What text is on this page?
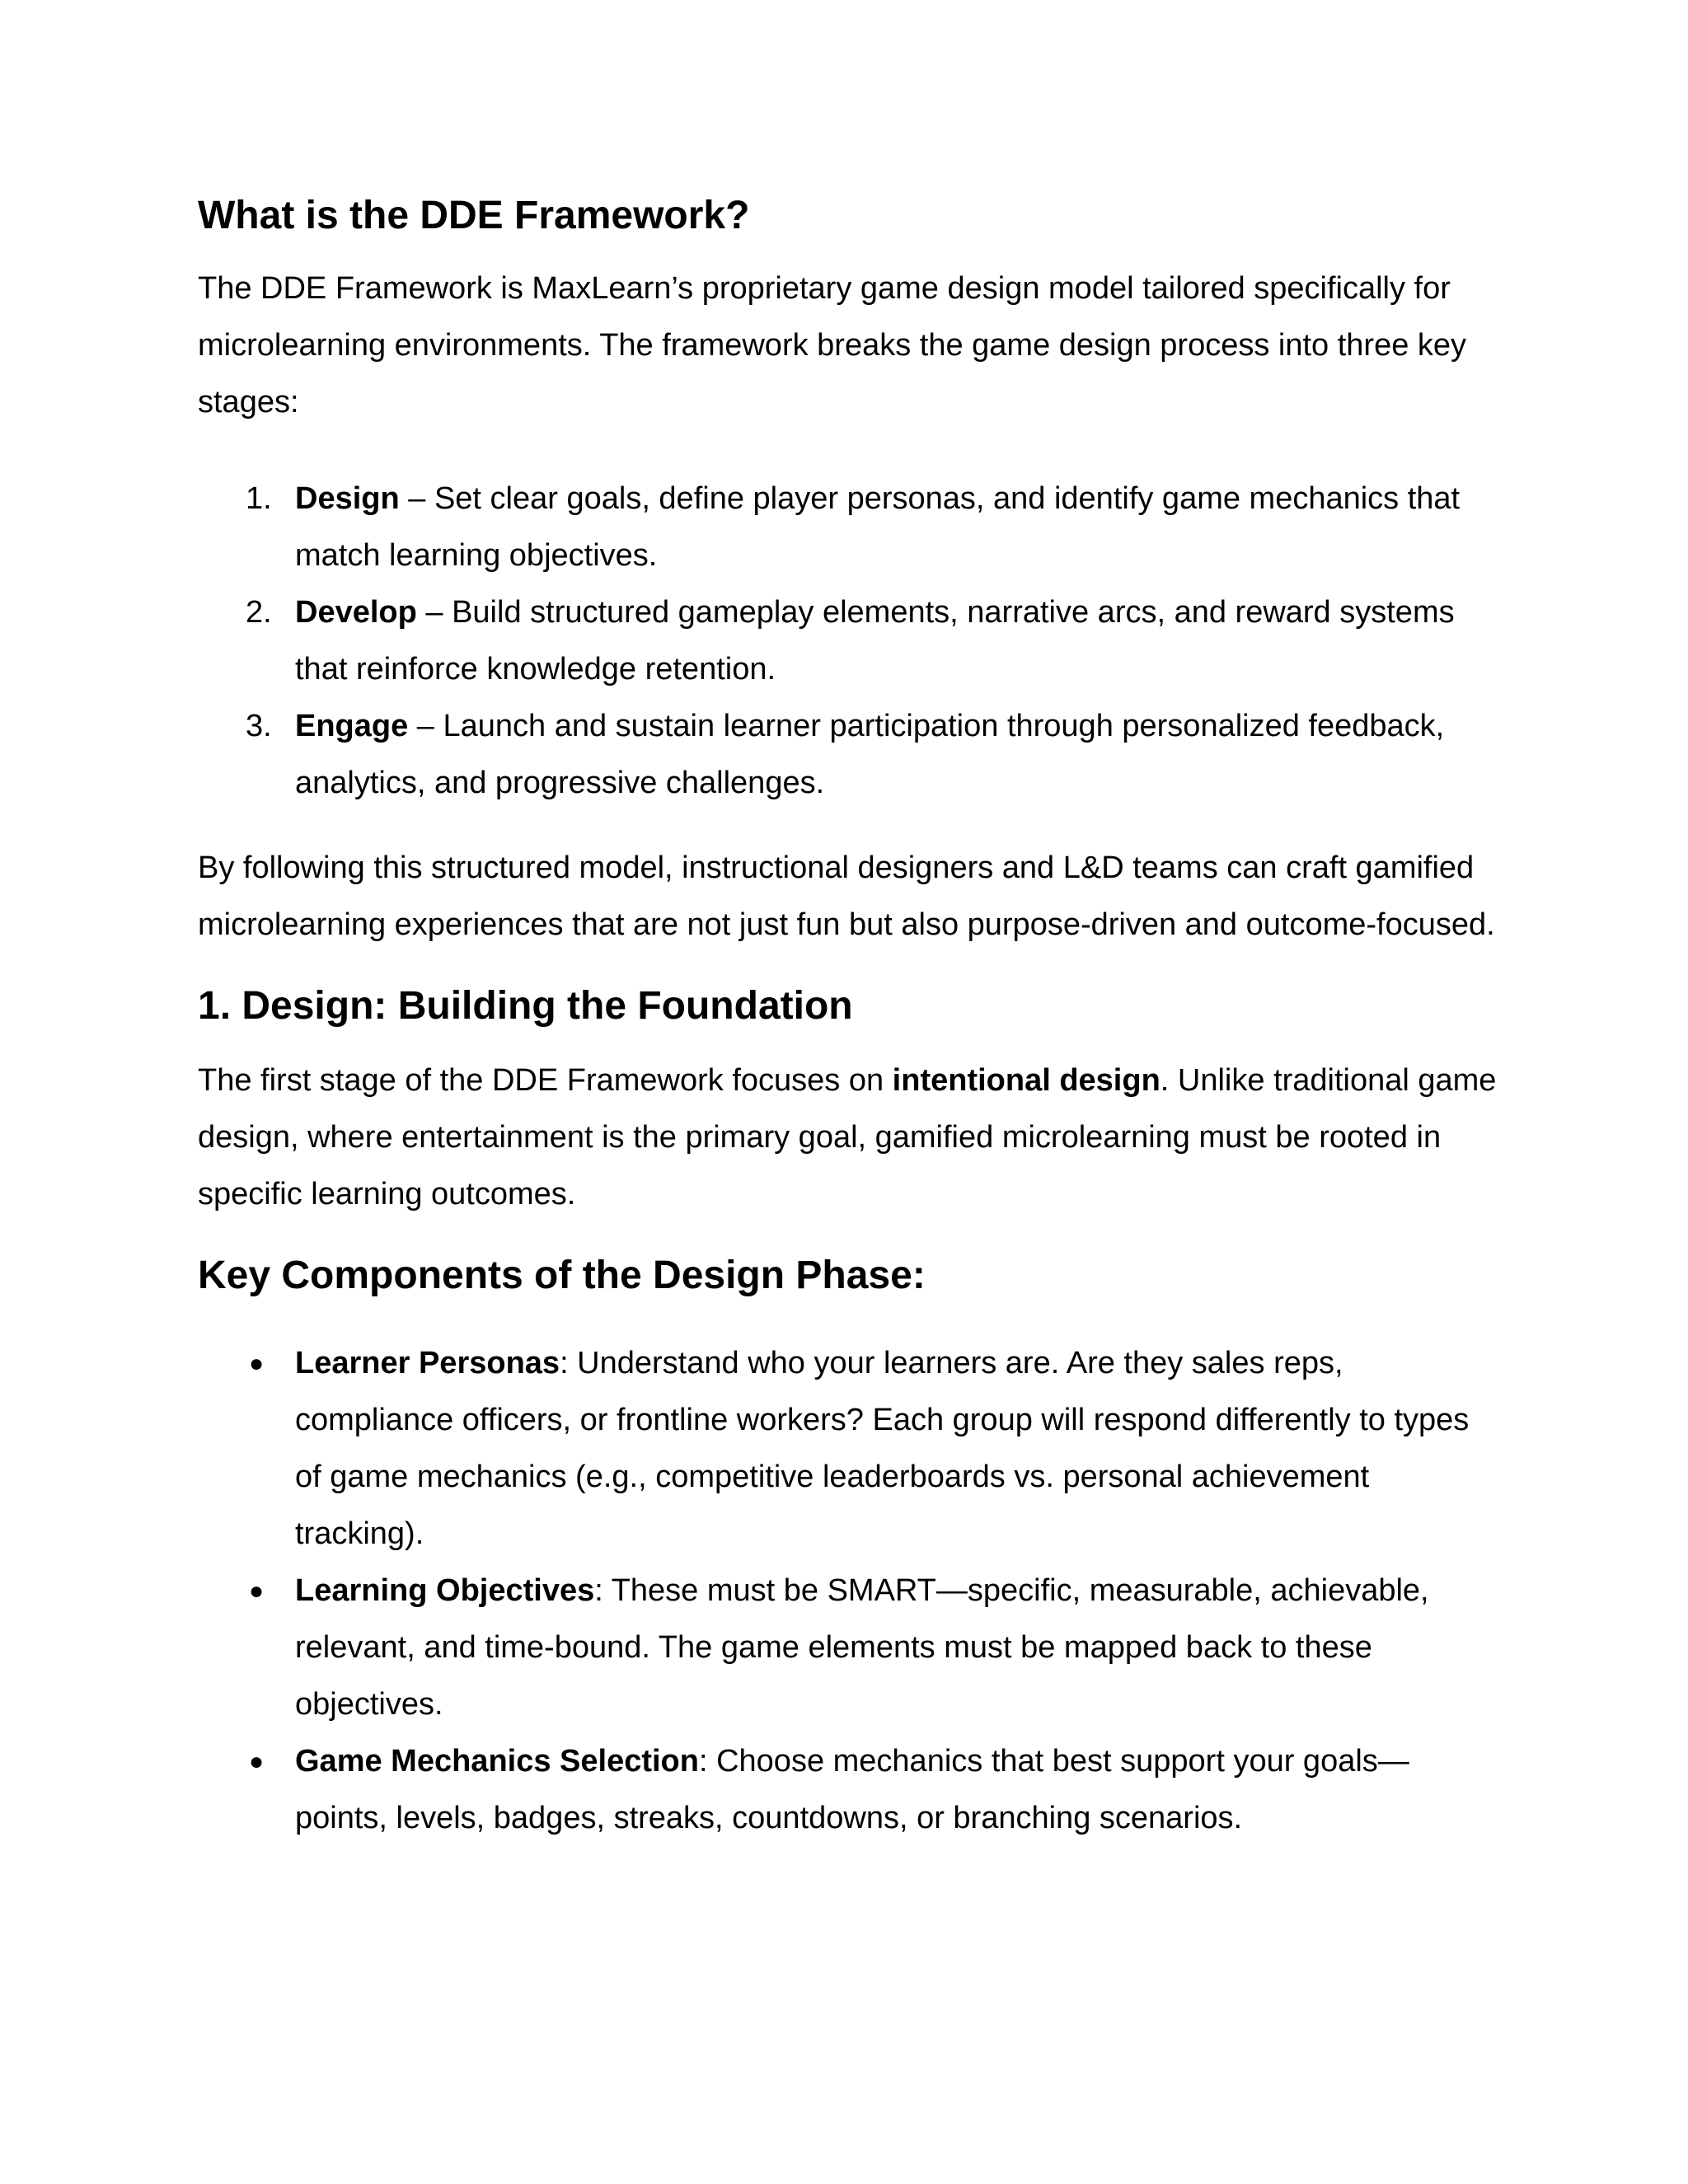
What is the DDE Framework?

The DDE Framework is MaxLearn’s proprietary game design model tailored specifically for microlearning environments. The framework breaks the game design process into three key stages:

1. Design – Set clear goals, define player personas, and identify game mechanics that match learning objectives.
2. Develop – Build structured gameplay elements, narrative arcs, and reward systems that reinforce knowledge retention.
3. Engage – Launch and sustain learner participation through personalized feedback, analytics, and progressive challenges.

By following this structured model, instructional designers and L&D teams can craft gamified microlearning experiences that are not just fun but also purpose-driven and outcome-focused.

1. Design: Building the Foundation

The first stage of the DDE Framework focuses on intentional design. Unlike traditional game design, where entertainment is the primary goal, gamified microlearning must be rooted in specific learning outcomes.

Key Components of the Design Phase:
● Learner Personas: Understand who your learners are. Are they sales reps, compliance officers, or frontline workers? Each group will respond differently to types of game mechanics (e.g., competitive leaderboards vs. personal achievement tracking).
● Learning Objectives: These must be SMART—specific, measurable, achievable, relevant, and time-bound. The game elements must be mapped back to these objectives.
● Game Mechanics Selection: Choose mechanics that best support your goals—points, levels, badges, streaks, countdowns, or branching scenarios.
